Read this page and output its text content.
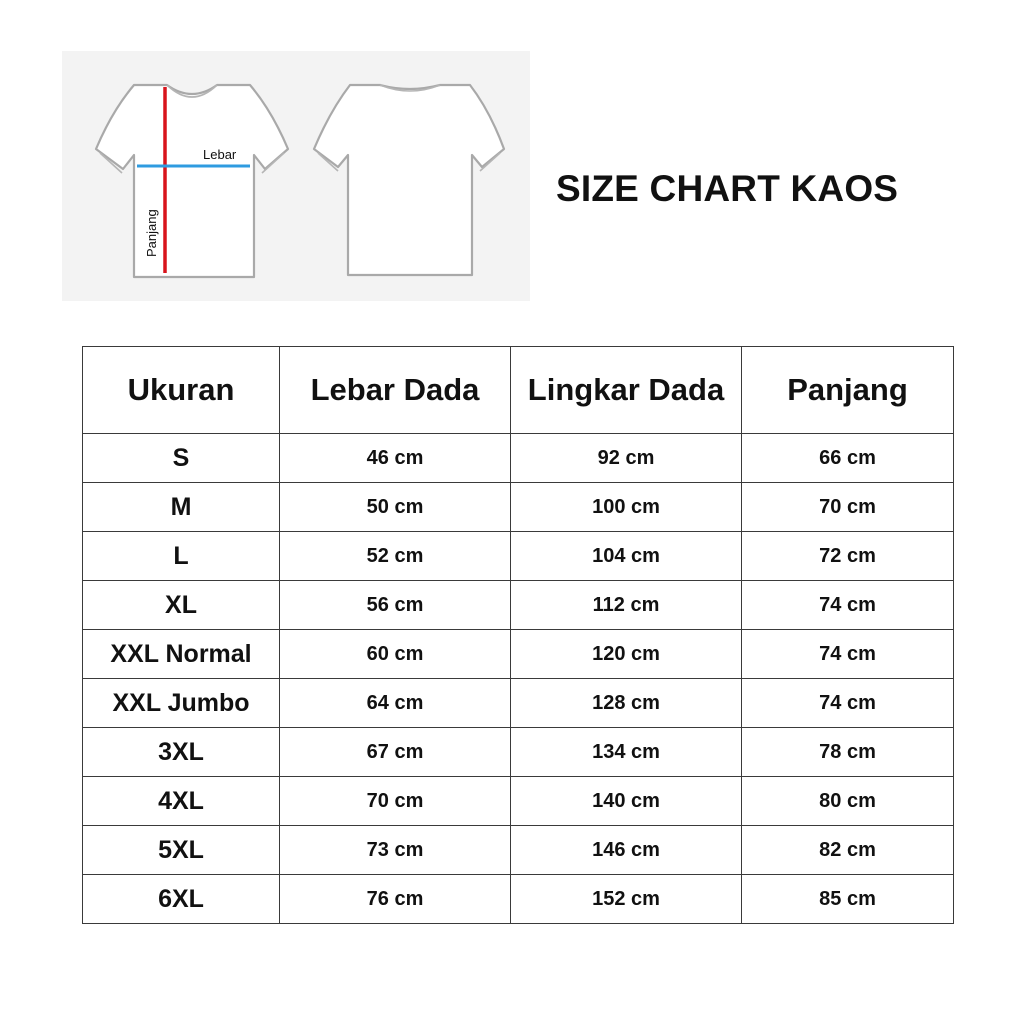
Lebar
Panjang
SIZE CHART KAOS
Ukuran	Lebar Dada	Lingkar Dada	Panjang
S	46 cm	92 cm	66 cm
M	50 cm	100 cm	70 cm
L	52 cm	104 cm	72 cm
XL	56 cm	112 cm	74 cm
XXL Normal	60 cm	120 cm	74 cm
XXL Jumbo	64 cm	128 cm	74 cm
3XL	67 cm	134 cm	78 cm
4XL	70 cm	140 cm	80 cm
5XL	73 cm	146 cm	82 cm
6XL	76 cm	152 cm	85 cm
